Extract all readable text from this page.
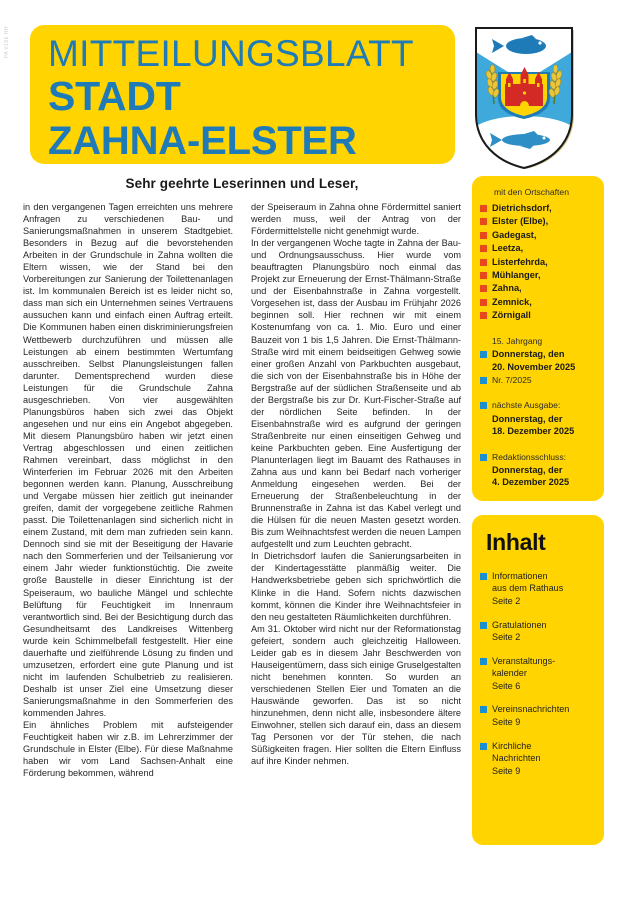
PA 0186 HH MITTEILUNGSBLATT
STADT
ZAHNA-ELSTER
Sehr geehrte Leserinnen und Leser,

in den vergangenen Tagen erreichten uns mehrere Anfragen zu verschiedenen Bau- und Sanierungsmaßnahmen in unserem Stadtgebiet. Besonders in Bezug auf die bevorstehenden Arbeiten in der Grundschule in Zahna wollten die Eltern wissen, wie der Stand bei den Vorbereitungen zur Sanierung der Toilettenanlagen ist. Im kommunalen Bereich ist es leider nicht so, dass man sich ein Unternehmen seines Vertrauens aussuchen kann und einfach einen Auftrag erteilt. Die Kommunen haben einen diskriminierungsfreien Wettbewerb durchzuführen und müssen alle Leistungen ab einem bestimmten Wertumfang ausschreiben. Selbst Planungsleistungen fallen darunter. Dementsprechend wurden diese Leistungen für die Grundschule Zahna ausgeschrieben. Von vier ausgewählten Planungsbüros haben sich zwei das Objekt angesehen und nur eins ein Angebot abgegeben. Mit diesem Planungsbüro haben wir jetzt einen Vertrag abgeschlossen und einen zeitlichen Rahmen vereinbart, dass möglichst in den Winterferien im Februar 2026 mit den Arbeiten begonnen werden kann. Planung, Ausschreibung und Vergabe müssen hier zeitlich gut ineinander greifen, damit der vorgegebene zeitliche Rahmen passt. Die Toilettenanlagen sind sicherlich nicht in einem Zustand, mit dem man zufrieden sein kann. Dennoch sind sie mit der Beseitigung der Havarie nach den Sommerferien und der Teilsanierung vor einem Jahr wieder funktionstüchtig. Die zweite große Baustelle in dieser Einrichtung ist der Speiseraum, wo bauliche Mängel und schlechte Belüftung für Feuchtigkeit im Innenraum verantwortlich sind. Bei der Besichtigung durch das Gesundheitsamt des Landkreises Wittenberg wurde kein Schimmelbefall festgestellt. Hier eine dauerhafte und zielführende Lösung zu finden und umzusetzen, erfordert eine gute Planung und ist nicht im laufenden Schulbetrieb zu realisieren. Deshalb ist unser Ziel eine Umsetzung dieser Sanierungsmaßnahme in den Sommerferien des kommenden Jahres.

Ein ähnliches Problem mit aufsteigender Feuchtigkeit haben wir z.B. im Lehrerzimmer der Grundschule in Elster (Elbe). Für diese Maßnahme haben wir vom Land Sachsen-Anhalt eine Förderung bekommen, während

der Speiseraum in Zahna ohne Fördermittel saniert werden muss, weil der Antrag von der Fördermittelstelle nicht genehmigt wurde.

In der vergangenen Woche tagte in Zahna der Bau- und Ordnungsausschuss. Hier wurde vom beauftragten Planungsbüro noch einmal das Projekt zur Erneuerung der Ernst-Thälmann-Straße und der Eisenbahnstraße in Zahna vorgestellt. Vorgesehen ist, dass der Ausbau im Frühjahr 2026 beginnen soll. Hier rechnen wir mit einem Kostenumfang von ca. 1. Mio. Euro und einer Bauzeit von 1 bis 1,5 Jahren. Die Ernst-Thälmann-Straße wird mit einem beidseitigen Gehweg sowie einer großen Anzahl von Parkbuchten ausgebaut, die sich von der Eisenbahnstraße bis in Höhe der Bergstraße auf der südlichen Straßenseite und ab der Bergstraße bis zur Dr. Kurt-Fischer-Straße auf der nördlichen Seite befinden. In der Eisenbahnstraße wird es aufgrund der geringen Straßenbreite nur einen einseitigen Gehweg und keine Parkbuchten geben. Eine Ausfertigung der Planunterlagen liegt im Bauamt des Rathauses in Zahna aus und kann bei Bedarf nach vorheriger Anmeldung eingesehen werden. Bei der Erneuerung der Straßenbeleuchtung in der Brunnenstraße in Zahna ist das Kabel verlegt und die Hülsen für die neuen Masten gesetzt worden. Bis zum Weihnachtsfest werden die neuen Lampen aufgestellt und zum Leuchten gebracht.

In Dietrichsdorf laufen die Sanierungsarbeiten in der Kindertagesstätte planmäßig weiter. Die Handwerksbetriebe geben sich sprichwörtlich die Klinke in die Hand. Sofern nichts dazwischen kommt, können die Kinder ihre Weihnachtsfeier in den neu gestalteten Räumlichkeiten durchführen.

Am 31. Oktober wird nicht nur der Reformationstag gefeiert, sondern auch gleichzeitig Halloween. Leider gab es in diesem Jahr Beschwerden von Hauseigentümern, dass sich einige Gruselgestalten nicht benehmen konnten. So wurden an verschiedenen Stellen Eier und Tomaten an die Hauswände geworfen. Das ist so nicht hinzunehmen, denn nicht alle, insbesondere ältere Einwohner, stellen sich darauf ein, dass an diesem Tag Personen vor der Tür stehen, die nach Süßigkeiten fragen. Hier sollten die Eltern Einfluss auf ihre Kinder nehmen.

mit den Ortschaften
Dietrichsdorf,
Elster (Elbe),
Gadegast,
Leetza,
Listerfehrda,
Mühlanger,
Zahna,
Zemnick,
Zörnigall
15. Jahrgang
Donnerstag, den
20. November 2025
Nr. 7/2025
nächste Ausgabe:
Donnerstag, der
18. Dezember 2025
Redaktionsschluss:
Donnerstag, der
4. Dezember 2025
Inhalt
Informationen
aus dem Rathaus
Seite 2
Gratulationen
Seite 2
Veranstaltungs-
kalender
Seite 6
Vereinsnachrichten
Seite 9
Kirchliche
Nachrichten
Seite 9
